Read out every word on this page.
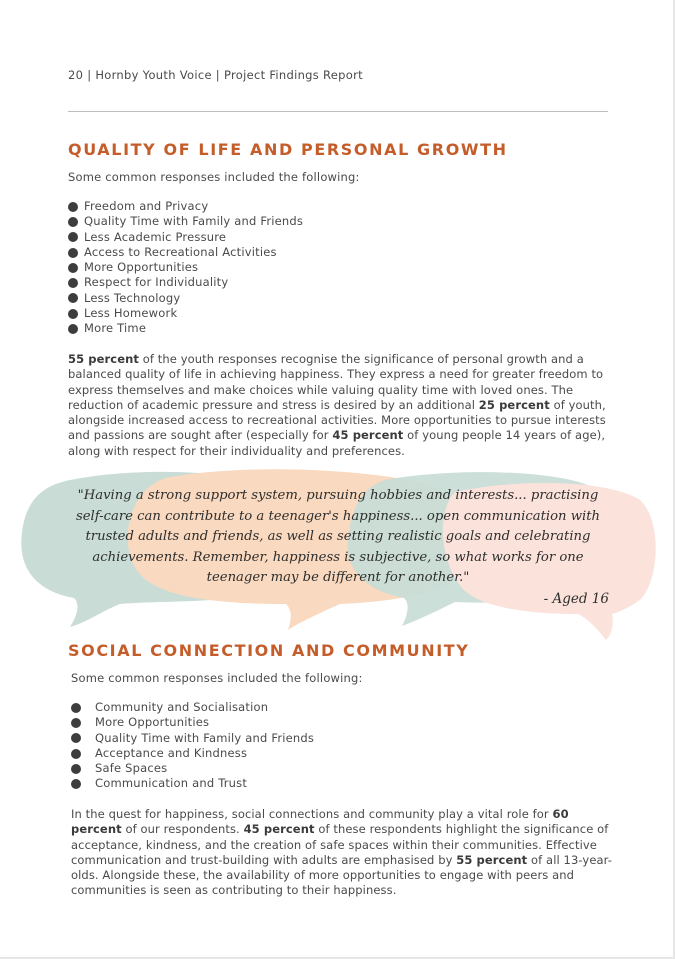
20 | Hornby Youth Voice | Project Findings Report
QUALITY OF LIFE AND PERSONAL GROWTH
Some common responses included the following:
Freedom and Privacy
Quality Time with Family and Friends
Less Academic Pressure
Access to Recreational Activities
More Opportunities
Respect for Individuality
Less Technology
Less Homework
More Time

55 percent of the youth responses recognise the significance of personal growth and a balanced quality of life in achieving happiness. They express a need for greater freedom to express themselves and make choices while valuing quality time with loved ones. The reduction of academic pressure and stress is desired by an additional 25 percent of youth, alongside increased access to recreational activities. More opportunities to pursue interests and passions are sought after (especially for 45 percent of young people 14 years of age), along with respect for their individuality and preferences.

"Having a strong support system, pursuing hobbies and interests... practising self-care can contribute to a teenager's happiness... open communication with trusted adults and friends, as well as setting realistic goals and celebrating achievements. Remember, happiness is subjective, so what works for one teenager may be different for another."

- Aged 16
SOCIAL CONNECTION AND COMMUNITY
Some common responses included the following:
Community and Socialisation
More Opportunities
Quality Time with Family and Friends
Acceptance and Kindness
Safe Spaces
Communication and Trust

In the quest for happiness, social connections and community play a vital role for 60 percent of our respondents. 45 percent of these respondents highlight the significance of acceptance, kindness, and the creation of safe spaces within their communities. Effective communication and trust-building with adults are emphasised by 55 percent of all 13-year-olds. Alongside these, the availability of more opportunities to engage with peers and communities is seen as contributing to their happiness.
